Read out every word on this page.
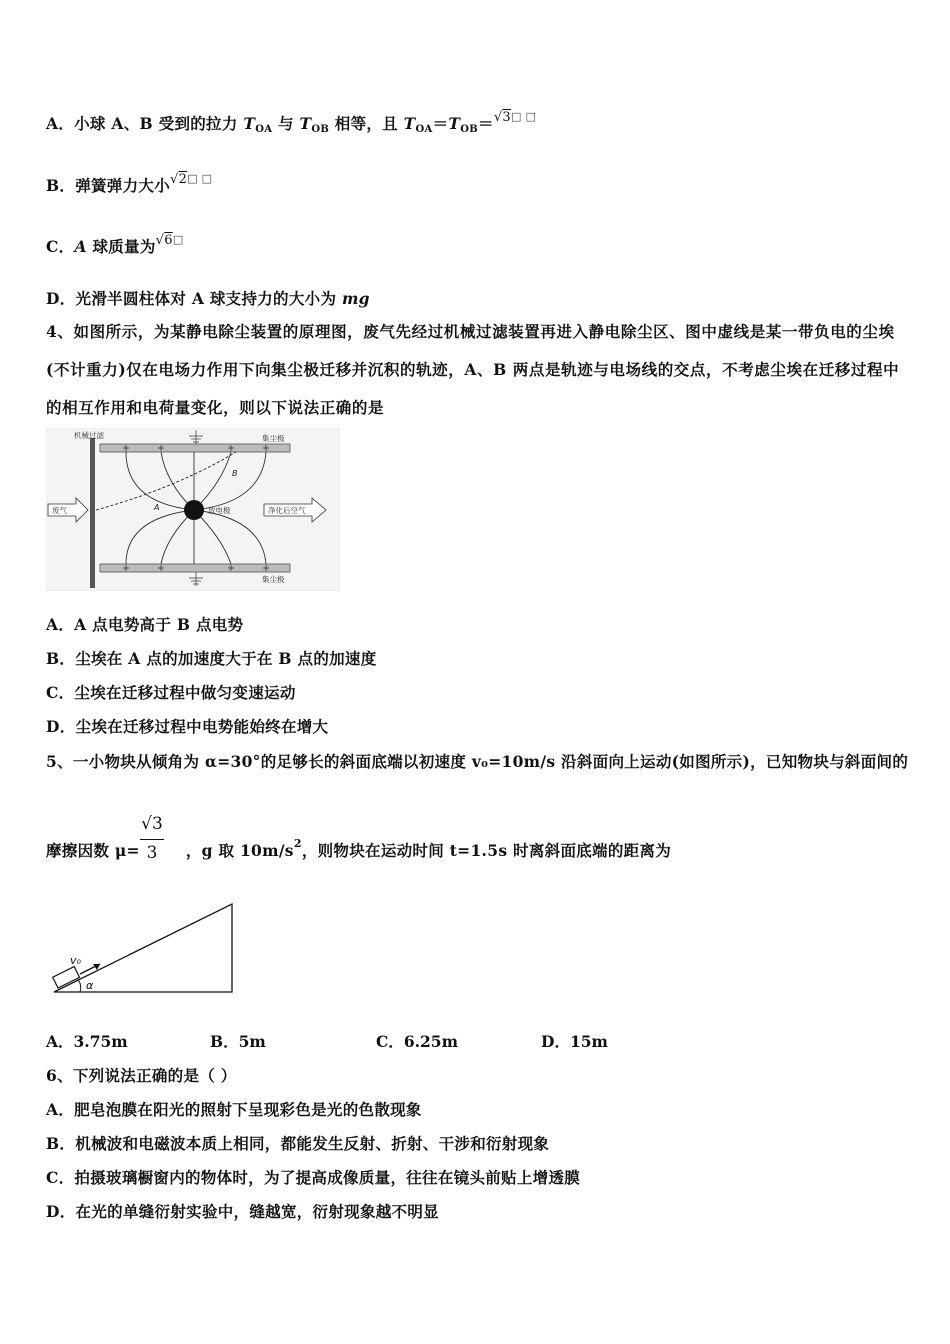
A．小球 A、B 受到的拉力 $T_{OA}$ 与 $T_{OB}$ 相等，且 $T_{OA}=T_{OB}=^{√3□ □}$
B．弹簧弹力大小$^{√2□ □}$
C．A 球质量为$^{√6□}$
D．光滑半圆柱体对 A 球支持力的大小为 mg
4、如图所示，为某静电除尘装置的原理图，废气先经过机械过滤装置再进入静电除尘区、图中虚线是某一带负电的尘埃(不计重力)仅在电场力作用下向集尘极迁移并沉积的轨迹，A、B 两点是轨迹与电场线的交点，不考虑尘埃在迁移过程中的相互作用和电荷量变化，则以下说法正确的是
机械过滤	集尘极
集尘极
放电极
A
B
废气	净化后空气
A．A 点电势高于 B 点电势
B．尘埃在 A 点的加速度大于在 B 点的加速度
C．尘埃在迁移过程中做匀变速运动
D．尘埃在迁移过程中电势能始终在增大
5、一小物块从倾角为 α=30°的足够长的斜面底端以初速度 v₀=10m/s 沿斜面向上运动(如图所示)，已知物块与斜面间的
摩擦因数 μ=	，g 取 $10m/s^2$，则物块在运动时间 t=1.5s 时离斜面底端的距离为
√3
3
v₀
α
A．3.75m	B．5m	C．6.25m	D．15m
6、下列说法正确的是（ ）
A．肥皂泡膜在阳光的照射下呈现彩色是光的色散现象
B．机械波和电磁波本质上相同，都能发生反射、折射、干涉和衍射现象
C．拍摄玻璃橱窗内的物体时，为了提高成像质量，往往在镜头前贴上增透膜
D．在光的单缝衍射实验中，缝越宽，衍射现象越不明显
